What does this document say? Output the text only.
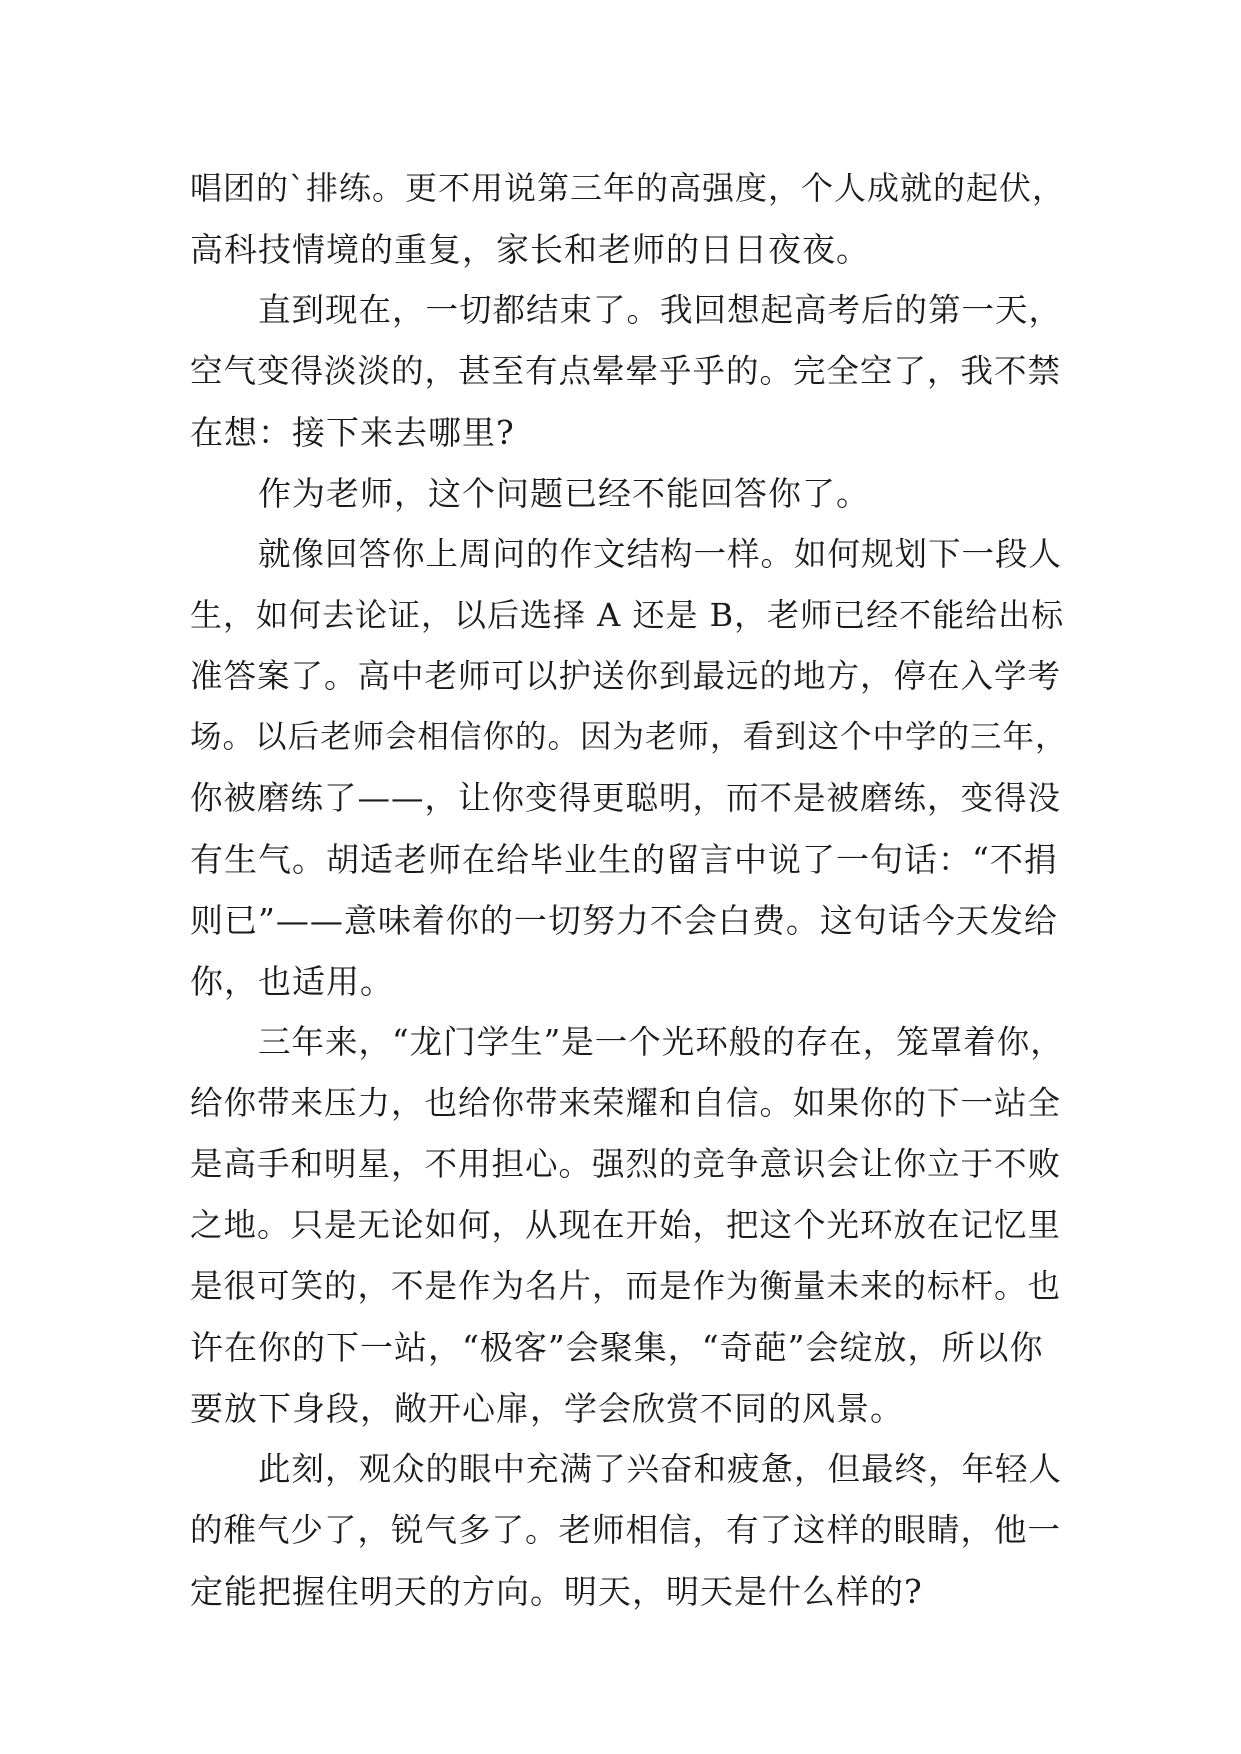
唱团的`排练。更不用说第三年的高强度，个人成就的起伏，
高科技情境的重复，家长和老师的日日夜夜。
直到现在，一切都结束了。我回想起高考后的第一天，
空气变得淡淡的，甚至有点晕晕乎乎的。完全空了，我不禁
在想：接下来去哪里?
作为老师，这个问题已经不能回答你了。
就像回答你上周问的作文结构一样。如何规划下一段人
生，如何去论证，以后选择 A 还是 B，老师已经不能给出标
准答案了。高中老师可以护送你到最远的地方，停在入学考
场。以后老师会相信你的。因为老师，看到这个中学的三年，
你被磨练了——，让你变得更聪明，而不是被磨练，变得没
有生气。胡适老师在给毕业生的留言中说了一句话：“不捐
则已”——意味着你的一切努力不会白费。这句话今天发给
你，也适用。
三年来，“龙门学生”是一个光环般的存在，笼罩着你，
给你带来压力，也给你带来荣耀和自信。如果你的下一站全
是高手和明星，不用担心。强烈的竞争意识会让你立于不败
之地。只是无论如何，从现在开始，把这个光环放在记忆里
是很可笑的，不是作为名片，而是作为衡量未来的标杆。也
许在你的下一站，“极客”会聚集，“奇葩”会绽放，所以你
要放下身段，敞开心扉，学会欣赏不同的风景。
此刻，观众的眼中充满了兴奋和疲惫，但最终，年轻人
的稚气少了，锐气多了。老师相信，有了这样的眼睛，他一
定能把握住明天的方向。明天，明天是什么样的?
